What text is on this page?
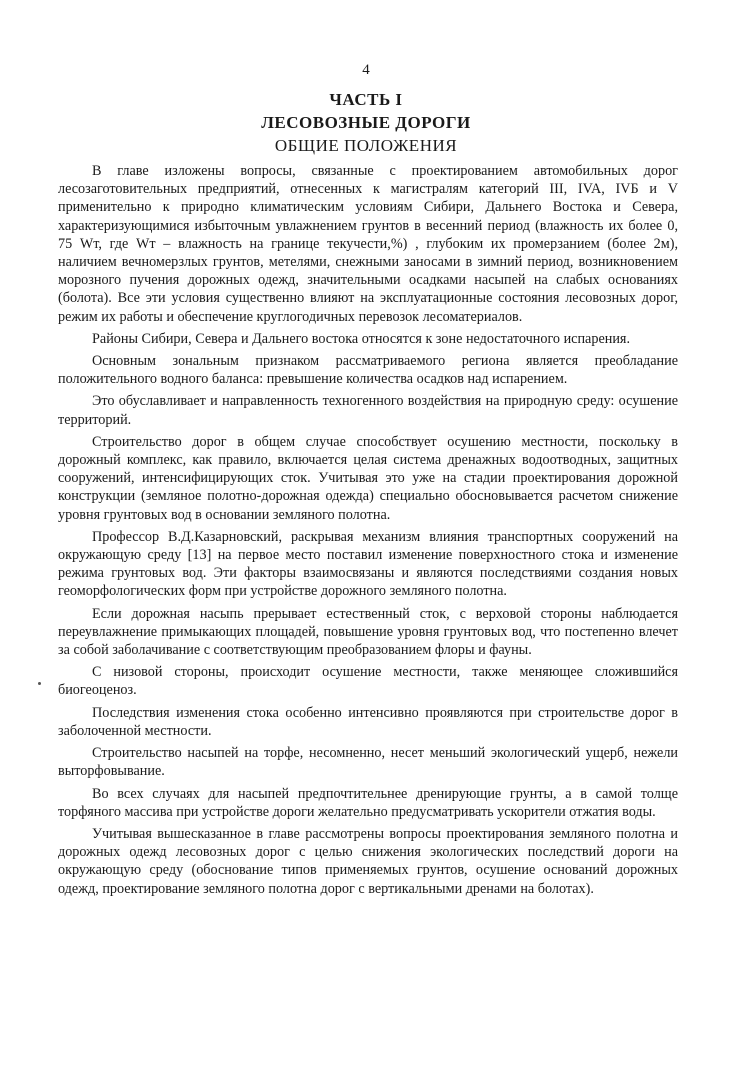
4
ЧАСТЬ I
ЛЕСОВОЗНЫЕ ДОРОГИ
ОБЩИЕ ПОЛОЖЕНИЯ

В главе изложены вопросы, связанные с проектированием автомобильных дорог лесозаготовительных предприятий, отнесенных к магистралям категорий III, IVA, IVБ и V применительно к природно климатическим условиям Сибири, Дальнего Востока и Севера, характеризующимися избыточным увлажнением грунтов в весенний период (влажность их более 0, 75 Wт, где Wт – влажность на границе текучести,%) , глубоким их промерзанием (более 2м), наличием вечномерзлых грунтов, метелями, снежными заносами в зимний период, возникновением морозного пучения дорожных одежд, значительными осадками насыпей на слабых основаниях (болота). Все эти условия существенно влияют на эксплуатационные состояния лесовозных дорог, режим их работы и обеспечение круглогодичных перевозок лесоматериалов.

Районы Сибири, Севера и Дальнего востока относятся к зоне недостаточного испарения.

Основным зональным признаком рассматриваемого региона является преобладание положительного водного баланса: превышение количества осадков над испарением.

Это обуславливает и направленность техногенного воздействия на природную среду: осушение территорий.

Строительство дорог в общем случае способствует осушению местности, поскольку в дорожный комплекс, как правило, включается целая система дренажных водоотводных, защитных сооружений, интенсифицирующих сток. Учитывая это уже на стадии проектирования дорожной конструкции (земляное полотно-дорожная одежда) специально обосновывается расчетом снижение уровня грунтовых вод в основании земляного полотна.

Профессор В.Д.Казарновский, раскрывая механизм влияния транспортных сооружений на окружающую среду [13] на первое место поставил изменение поверхностного стока и изменение режима грунтовых вод. Эти факторы взаимосвязаны и являются последствиями создания новых геоморфологических форм при устройстве дорожного земляного полотна.

Если дорожная насыпь прерывает естественный сток, с верховой стороны наблюдается переувлажнение примыкающих площадей, повышение уровня грунтовых вод, что постепенно влечет за собой заболачивание с соответствующим преобразованием флоры и фауны.

С низовой стороны, происходит осушение местности, также меняющее сложившийся биогеоценоз.

Последствия изменения стока особенно интенсивно проявляются при строительстве дорог в заболоченной местности.

Строительство насыпей на торфе, несомненно, несет меньший экологический ущерб, нежели выторфовывание.

Во всех случаях для насыпей предпочтительнее дренирующие грунты, а в самой толще торфяного массива при устройстве дороги желательно предусматривать ускорители отжатия воды.

Учитывая вышесказанное в главе рассмотрены вопросы проектирования земляного полотна и дорожных одежд лесовозных дорог с целью снижения экологических последствий дороги на окружающую среду (обоснование типов применяемых грунтов, осушение оснований дорожных одежд, проектирование земляного полотна дорог с вертикальными дренами на болотах).
